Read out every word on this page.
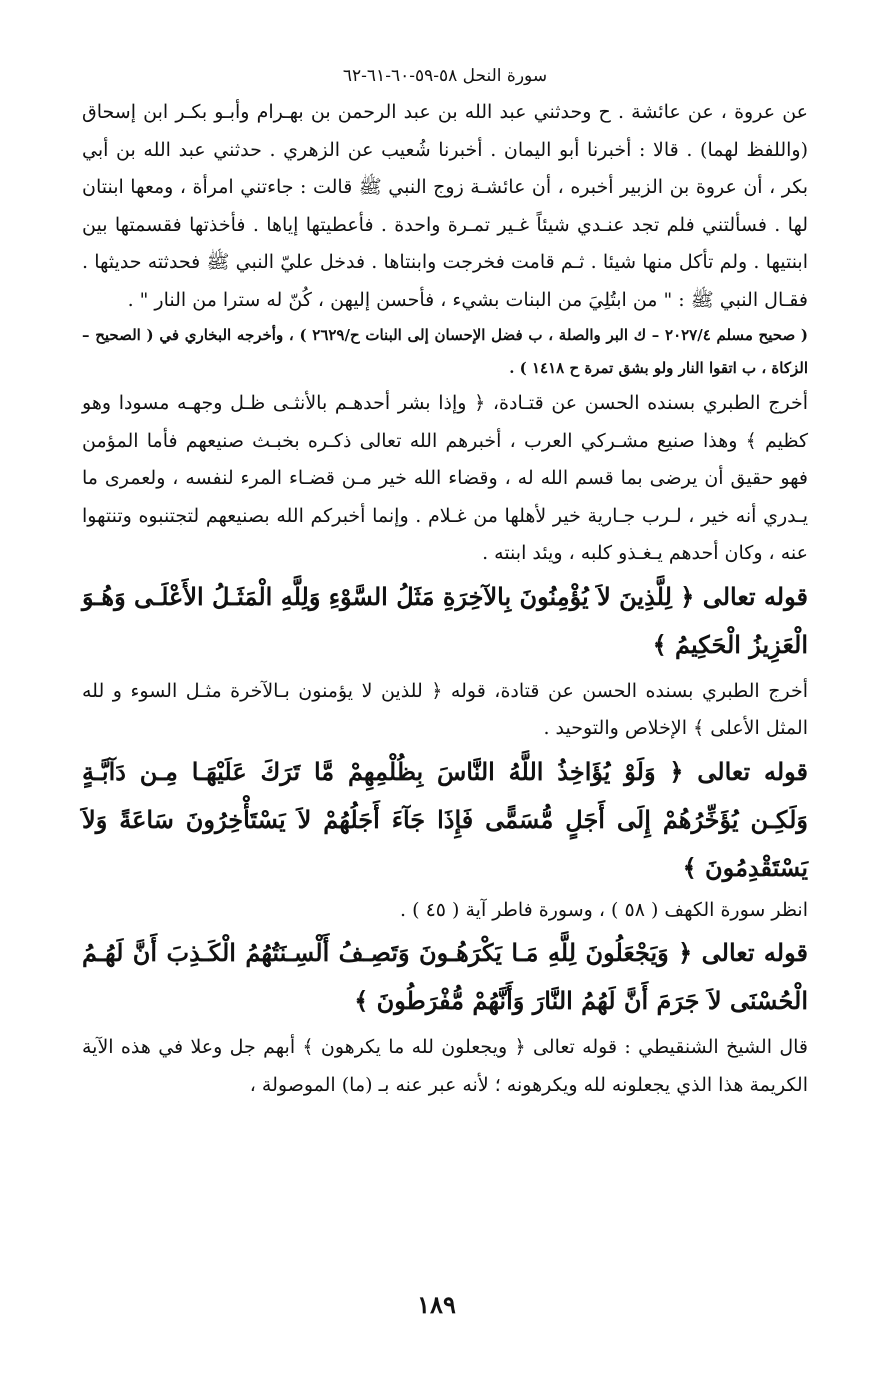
سورة النحل ٥٨-٥٩-٦٠-٦١-٦٢

عن عروة ، عن عائشة . ح وحدثني عبد الله بن عبد الرحمن بن بهـرام وأبـو بكـر ابن إسحاق (واللفظ لهما) . قالا : أخبرنا أبو اليمان . أخبرنا شُعيب عن الزهري . حدثني عبد الله بن أبي بكر ، أن عروة بن الزبير أخبره ، أن عائشـة زوج النبي ﷺ قالت : جاءتني امرأة ، ومعها ابنتان لها . فسألتني فلم تجد عنـدي شيئاً غـير تمـرة واحدة . فأعطيتها إياها . فأخذتها فقسمتها بين ابنتيها . ولم تأكل منها شيئا . ثـم قامت فخرجت وابنتاها . فدخل عليّ النبي ﷺ فحدثته حديثها . فقـال النبي ﷺ : " من ابتُلِيَ من البنات بشيء ، فأحسن إليهن ، كُنّ له سترا من النار " .

( صحيح مسلم ٢٠٢٧/٤ – ك البر والصلة ، ب فضل الإحسان إلى البنات ح/٢٦٢٩ ) ، وأخرجه البخاري في ( الصحيح – الزكاة ، ب اتقوا النار ولو بشق تمرة ح ١٤١٨ ) .

أخرج الطبري بسنده الحسن عن قتـادة، ﴿ وإذا بشر أحدهـم بالأنثـى ظـل وجهـه مسودا وهو كظيم ﴾ وهذا صنيع مشـركي العرب ، أخبرهم الله تعالى ذكـره بخبـث صنيعهم فأما المؤمن فهو حقيق أن يرضى بما قسم الله له ، وقضاء الله خير مـن قضـاء المرء لنفسه ، ولعمرى ما يـدري أنه خير ، لـرب جـارية خير لأهلها من غـلام . وإنما أخبركم الله بصنيعهم لتجتنبوه وتنتهوا عنه ، وكان أحدهم يـغـذو كلبه ، ويئد ابنته .

قوله تعالى ﴿ لِلَّذِينَ لاَ يُؤْمِنُونَ بِالآخِرَةِ مَثَلُ السَّوْءِ وَلِلَّهِ الْمَثَـلُ الأَعْلَـى وَهُـوَ الْعَزِيزُ الْحَكِيمُ ﴾

أخرج الطبري بسنده الحسن عن قتادة، قوله ﴿ للذين لا يؤمنون بـالآخرة مثـل السوء و لله المثل الأعلى ﴾ الإخلاص والتوحيد .

قوله تعالى ﴿ وَلَوْ يُؤَاخِذُ اللَّهُ النَّاسَ بِظُلْمِهِمْ مَّا تَرَكَ عَلَيْهَـا مِـن دَآبَّـةٍ وَلَكِـن يُؤَخِّرُهُمْ إِلَى أَجَلٍ مُّسَمًّى فَإِذَا جَآءَ أَجَلُهُمْ لاَ يَسْتَأْخِرُونَ سَاعَةً وَلاَ يَسْتَقْدِمُونَ ﴾

انظر سورة الكهف ( ٥٨ ) ، وسورة فاطر آية ( ٤٥ ) .

قوله تعالى ﴿ وَيَجْعَلُونَ لِلَّهِ مَـا يَكْرَهُـونَ وَتَصِـفُ أَلْسِـنَتُهُمُ الْكَـذِبَ أَنَّ لَهُـمُ الْحُسْنَى لاَ جَرَمَ أَنَّ لَهُمُ النَّارَ وَأَنَّهُمْ مُّفْرَطُونَ ﴾

قال الشيخ الشنقيطي : قوله تعالى ﴿ ويجعلون لله ما يكرهون ﴾ أبهم جل وعلا في هذه الآية الكريمة هذا الذي يجعلونه لله ويكرهونه ؛ لأنه عبر عنه بـ (ما) الموصولة ،

١٨٩
